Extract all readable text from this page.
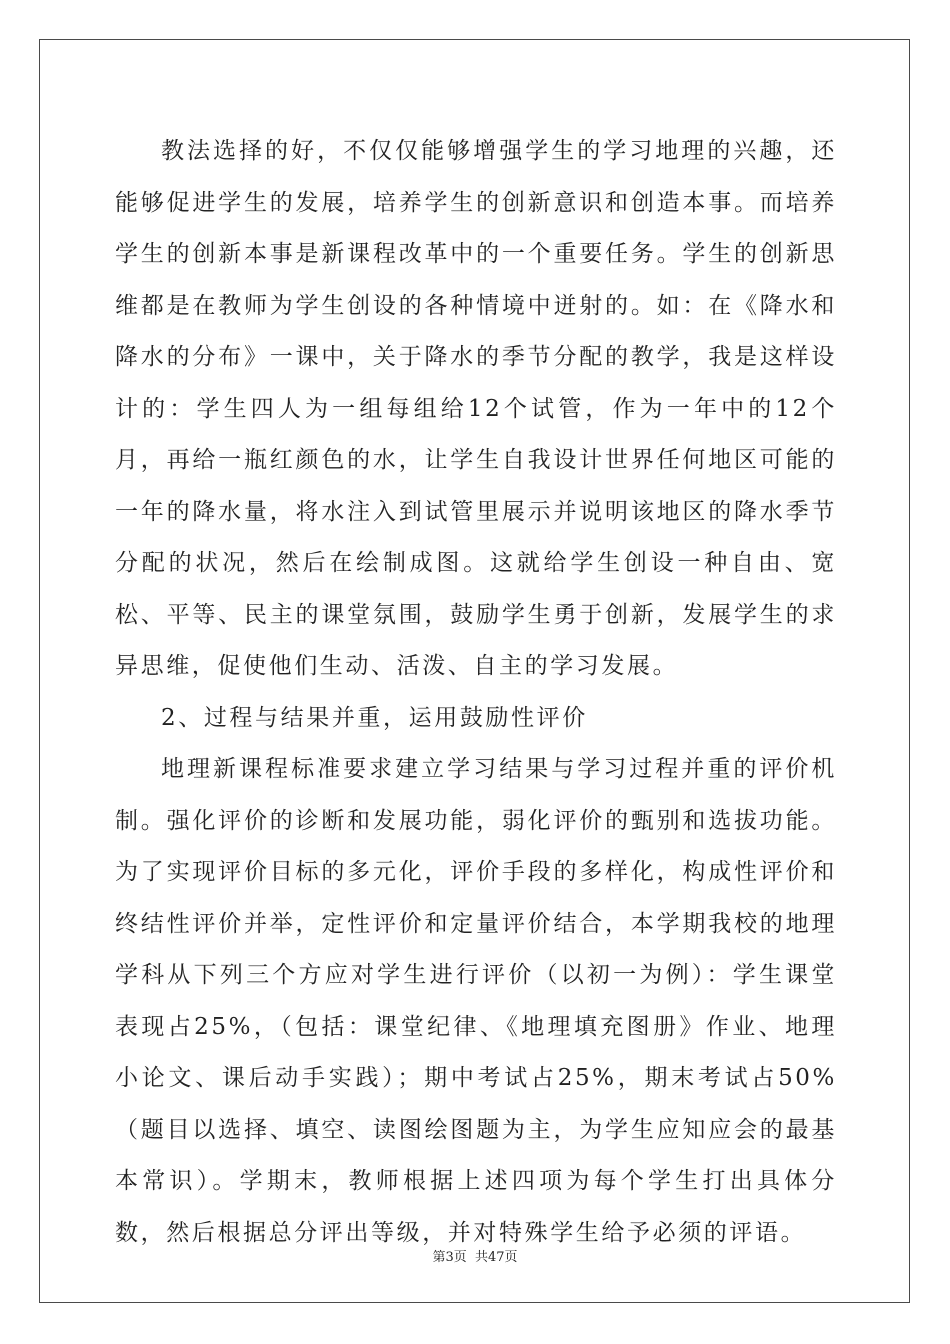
教法选择的好，不仅仅能够增强学生的学习地理的兴趣，还能够促进学生的发展，培养学生的创新意识和创造本事。而培养学生的创新本事是新课程改革中的一个重要任务。学生的创新思维都是在教师为学生创设的各种情境中迸射的。如：在《降水和降水的分布》一课中，关于降水的季节分配的教学，我是这样设计的：学生四人为一组每组给12个试管，作为一年中的12个月，再给一瓶红颜色的水，让学生自我设计世界任何地区可能的一年的降水量，将水注入到试管里展示并说明该地区的降水季节分配的状况，然后在绘制成图。这就给学生创设一种自由、宽松、平等、民主的课堂氛围，鼓励学生勇于创新，发展学生的求异思维，促使他们生动、活泼、自主的学习发展。

2、过程与结果并重，运用鼓励性评价

地理新课程标准要求建立学习结果与学习过程并重的评价机制。强化评价的诊断和发展功能，弱化评价的甄别和选拔功能。为了实现评价目标的多元化，评价手段的多样化，构成性评价和终结性评价并举，定性评价和定量评价结合，本学期我校的地理学科从下列三个方应对学生进行评价（以初一为例）：学生课堂表现占25%，（包括：课堂纪律、《地理填充图册》作业、地理小论文、课后动手实践）；期中考试占25%，期末考试占50%（题目以选择、填空、读图绘图题为主，为学生应知应会的最基本常识）。学期末，教师根据上述四项为每个学生打出具体分数，然后根据总分评出等级，并对特殊学生给予必须的评语。

第3页  共47页
